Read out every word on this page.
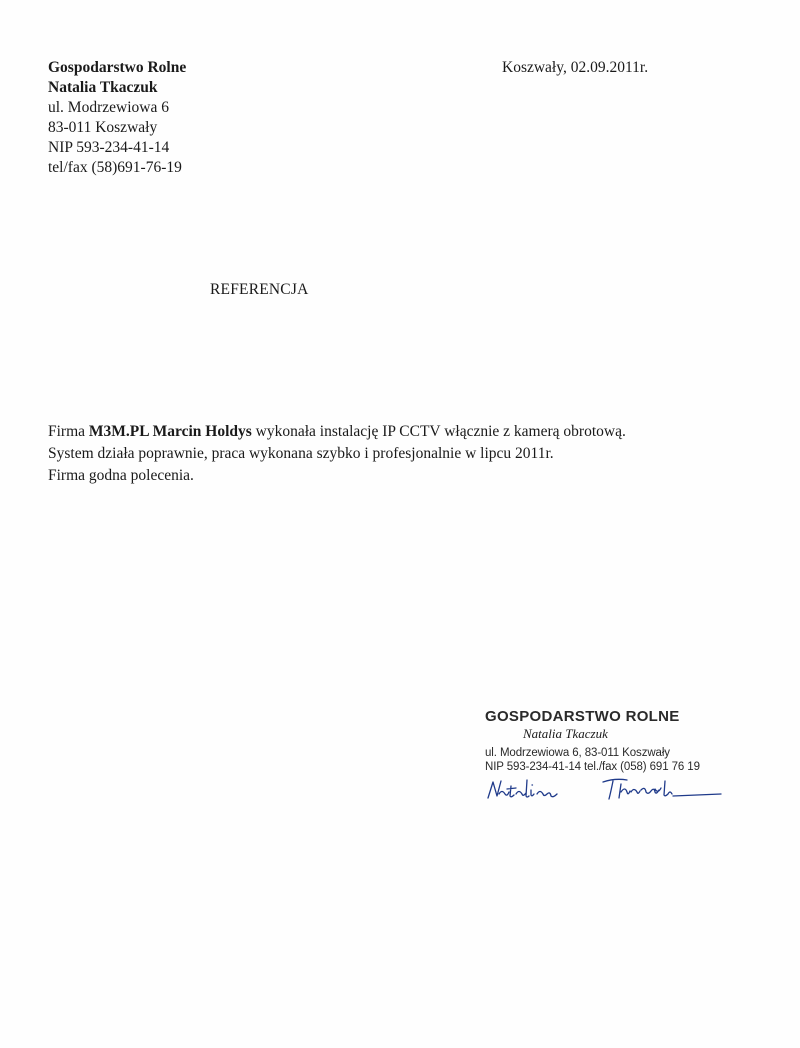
Gospodarstwo Rolne
Natalia Tkaczuk
ul. Modrzewiowa 6
83-011 Koszwały
NIP 593-234-41-14
tel/fax (58)691-76-19
Koszwały, 02.09.2011r.
REFERENCJA
Firma M3M.PL Marcin Holdys wykonała instalację IP CCTV włącznie z kamerą obrotową.
System działa poprawnie, praca wykonana szybko i profesjonalnie w lipcu 2011r.
Firma godna polecenia.
GOSPODARSTWO ROLNE
Natalia Tkaczuk
ul. Modrzewiowa 6, 83-011 Koszwały
NIP 593-234-41-14 tel./fax (058) 691 76 19
